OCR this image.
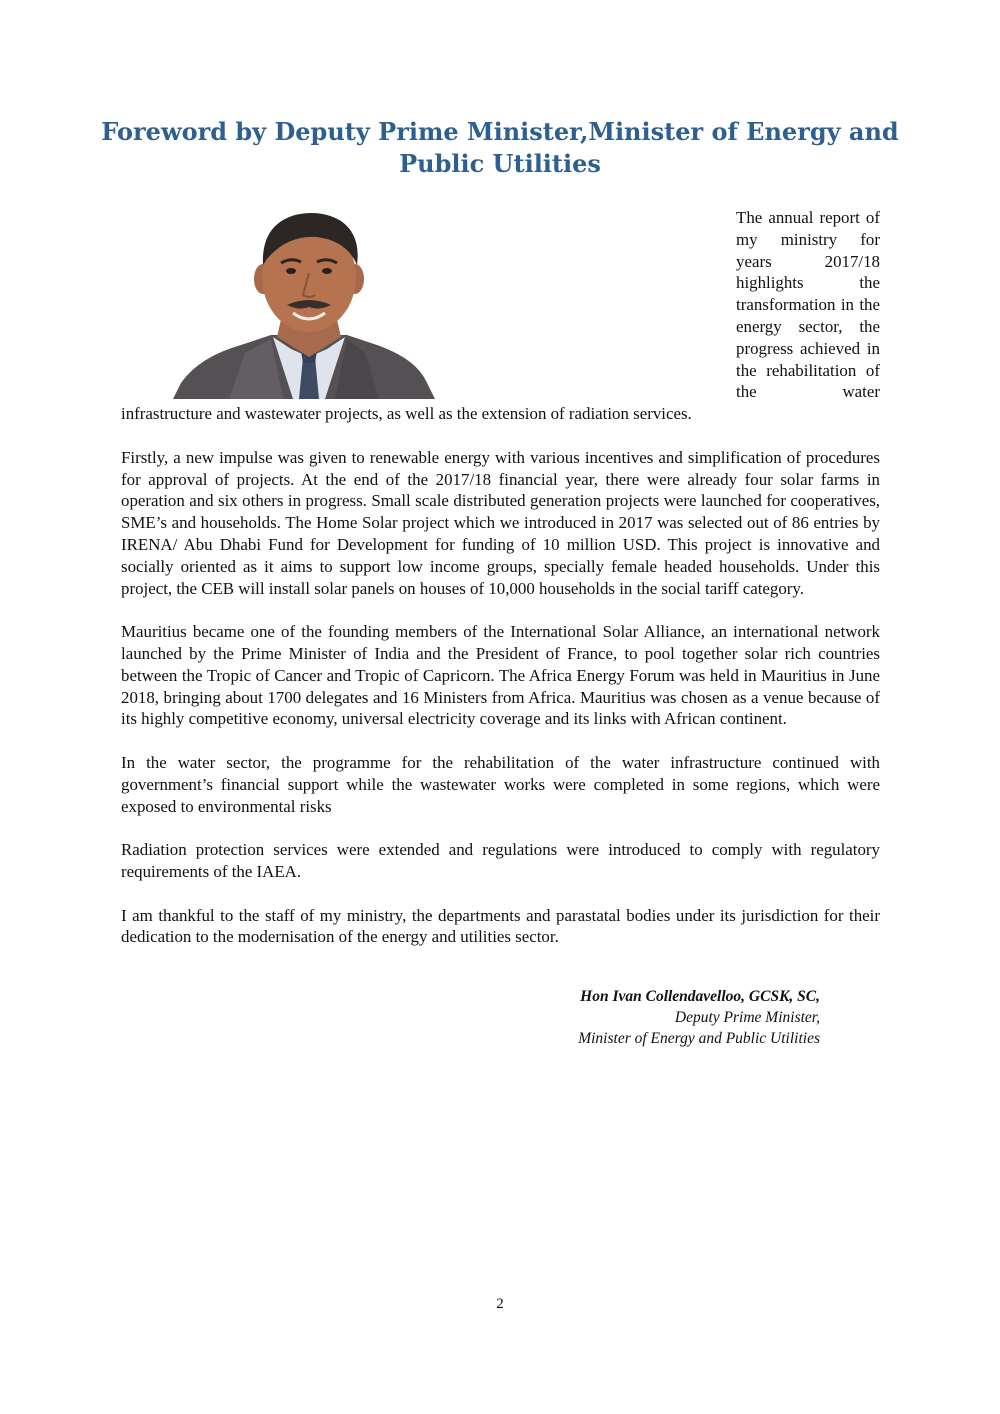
Foreword by Deputy Prime Minister,Minister of Energy and Public Utilities

The annual report of my ministry for years 2017/18 highlights the transformation in the energy sector, the progress achieved in the rehabilitation of the water infrastructure and wastewater projects, as well as the extension of radiation services.

Firstly, a new impulse was given to renewable energy with various incentives and simplification of procedures for approval of projects. At the end of the 2017/18 financial year, there were already four solar farms in operation and six others in progress. Small scale distributed generation projects were launched for cooperatives, SME’s and households. The Home Solar project which we introduced in 2017 was selected out of 86 entries by IRENA/ Abu Dhabi Fund for Development for funding of 10 million USD. This project is innovative and socially oriented as it aims to support low income groups, specially female headed households. Under this project, the CEB will install solar panels on houses of 10,000 households in the social tariff category.

Mauritius became one of the founding members of the International Solar Alliance, an international network launched by the Prime Minister of India and the President of France, to pool together solar rich countries between the Tropic of Cancer and Tropic of Capricorn. The Africa Energy Forum was held in Mauritius in June 2018, bringing about 1700 delegates and 16 Ministers from Africa. Mauritius was chosen as a venue because of its highly competitive economy, universal electricity coverage and its links with African continent.

In the water sector, the programme for the rehabilitation of the water infrastructure continued with government’s financial support while the wastewater works were completed in some regions, which were exposed to environmental risks

Radiation protection services were extended and regulations were introduced to comply with regulatory requirements of the IAEA.

I am thankful to the staff of my ministry, the departments and parastatal bodies under its jurisdiction for their dedication to the modernisation of the energy and utilities sector.

Hon Ivan Collendavelloo, GCSK, SC,
Deputy Prime Minister,
Minister of Energy and Public Utilities
2
